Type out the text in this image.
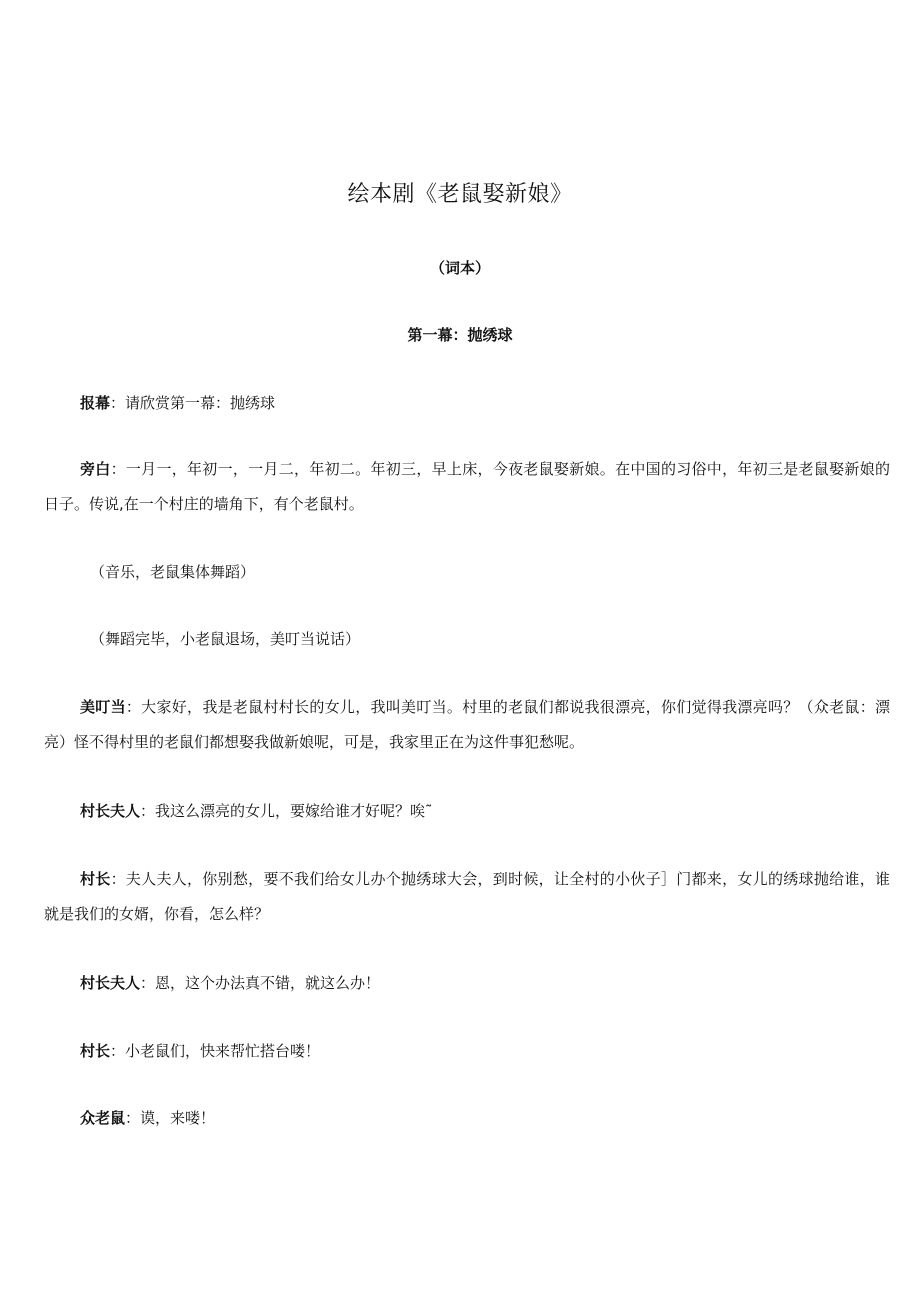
绘本剧《老鼠娶新娘》
（词本）
第一幕：抛绣球

报幕：请欣赏第一幕：抛绣球

旁白：一月一，年初一，一月二，年初二。年初三，早上床，今夜老鼠娶新娘。在中国的习俗中，年初三是老鼠娶新娘的日子。传说,在一个村庄的墙角下，有个老鼠村。

（音乐，老鼠集体舞蹈）

（舞蹈完毕，小老鼠退场，美叮当说话）

美叮当：大家好，我是老鼠村村长的女儿，我叫美叮当。村里的老鼠们都说我很漂亮，你们觉得我漂亮吗？（众老鼠：漂亮）怪不得村里的老鼠们都想娶我做新娘呢，可是，我家里正在为这件事犯愁呢。

村长夫人：我这么漂亮的女儿，要嫁给谁才好呢？唉˜

村长：夫人夫人，你别愁，要不我们给女儿办个抛绣球大会，到时候，让全村的小伙子］门都来，女儿的绣球抛给谁，谁就是我们的女婿，你看，怎么样？

村长夫人：恩，这个办法真不错，就这么办！

村长：小老鼠们，快来帮忙搭台喽！

众老鼠：谟，来喽！
